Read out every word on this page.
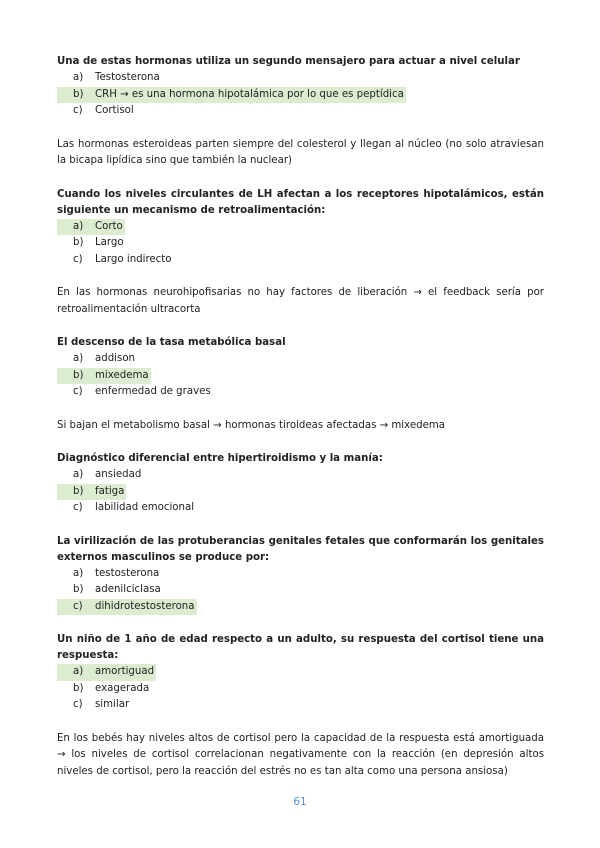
Una de estas hormonas utiliza un segundo mensajero para actuar a nivel celular

a)	Testosterona
b)	CRH → es una hormona hipotalámica por lo que es peptídica
c)	Cortisol

Las hormonas esteroideas parten siempre del colesterol y llegan al núcleo (no solo atraviesan la bicapa lipídica sino que también la nuclear)

Cuando los niveles circulantes de LH afectan a los receptores hipotalámicos, están siguiente un mecanismo de retroalimentación:

a)	Corto
b)	Largo
c)	Largo indirecto

En las hormonas neurohipofisarias no hay factores de liberación → el feedback sería por retroalimentación ultracorta

El descenso de la tasa metabólica basal

a)	addison
b)	mixedema
c)	enfermedad de graves

Si bajan el metabolismo basal → hormonas tiroideas afectadas → mixedema

Diagnóstico diferencial entre hipertiroidismo y la manía:

a)	ansiedad
b)	fatiga
c)	labilidad emocional

La virilización de las protuberancias genitales fetales que conformarán los genitales externos masculinos se produce por:

a)	testosterona
b)	adenilciclasa
c)	dihidrotestosterona

Un niño de 1 año de edad respecto a un adulto, su respuesta del cortisol tiene una respuesta:

a)	amortiguad
b)	exagerada
c)	similar

En los bebés hay niveles altos de cortisol pero la capacidad de la respuesta está amortiguada → los niveles de cortisol correlacionan negativamente con la reacción (en depresión altos niveles de cortisol, pero la reacción del estrés no es tan alta como una persona ansiosa)

61
